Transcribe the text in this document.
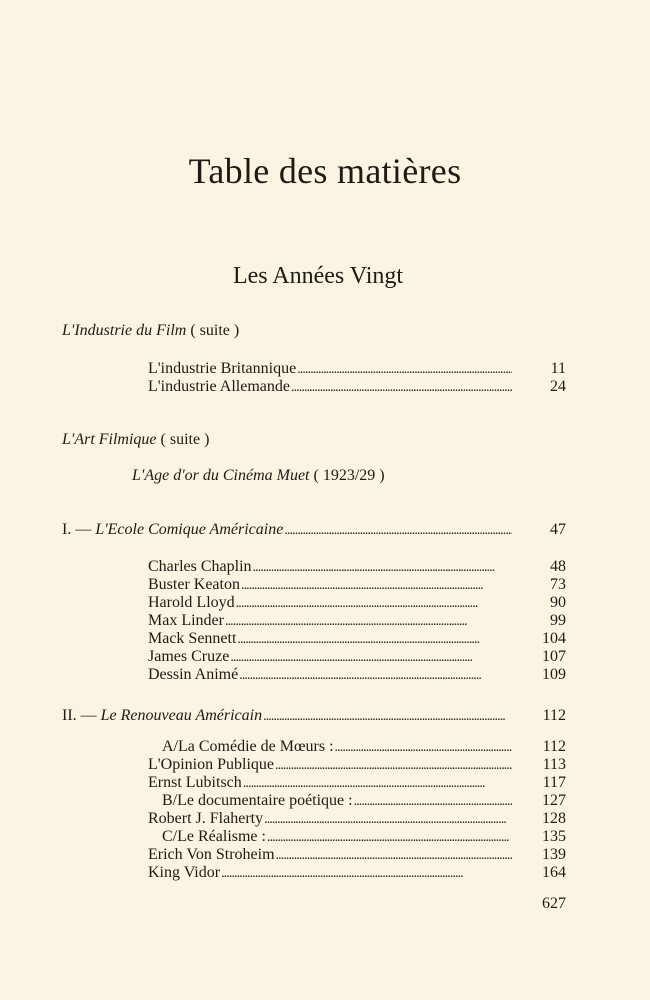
Table des matières
Les Années Vingt
L'Industrie du Film ( suite )
L'industrie Britannique . . .	11
L'industrie Allemande . . .	24
L'Art Filmique ( suite )
L'Age d'or du Cinéma Muet ( 1923/29 )
I. — L'Ecole Comique Américaine . . .	47
Charles Chaplin . . .	48
Buster Keaton . . .	73
Harold Lloyd . . .	90
Max Linder . . .	99
Mack Sennett . . .	104
James Cruze . . .	107
Dessin Animé . . .	109
II. — Le Renouveau Américain . . .	112
A/La Comédie de Mœurs : . . .	112
L'Opinion Publique . . .	113
Ernst Lubitsch . . .	117
B/Le documentaire poétique : . . .	127
Robert J. Flaherty . . .	128
C/Le Réalisme : . . .	135
Erich Von Stroheim . . .	139
King Vidor . . .	164
627
